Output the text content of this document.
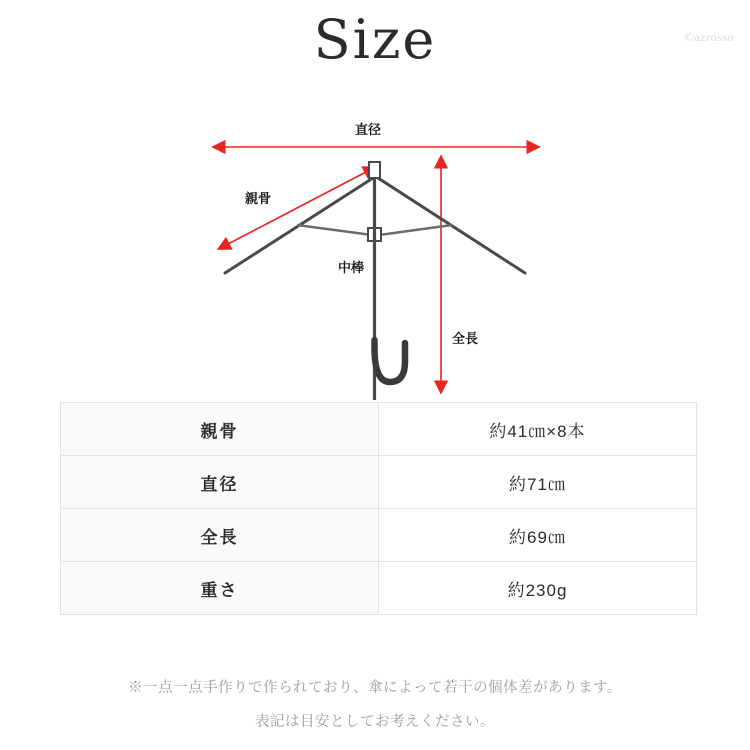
Size	©azrosso
直径
親骨
中棒
全長
親骨	約41㎝×8本
直径	約71㎝
全長	約69㎝
重さ	約230g
※一点一点手作りで作られており、傘によって若干の個体差があります。
表記は目安としてお考えください。
